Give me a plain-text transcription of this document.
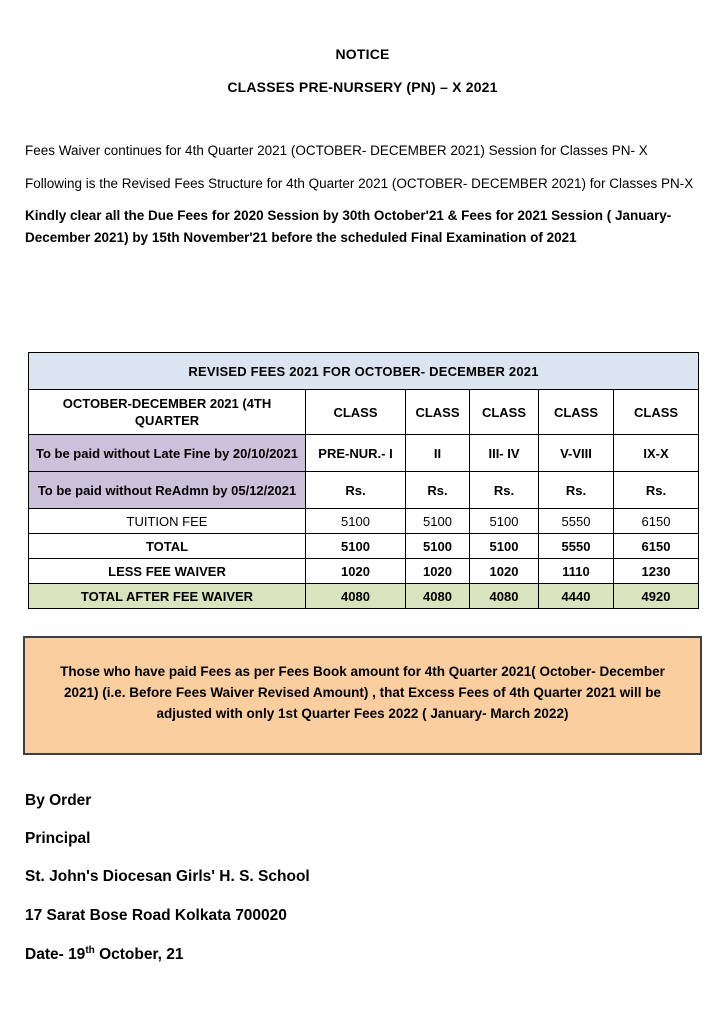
NOTICE
CLASSES PRE-NURSERY (PN) – X 2021

Fees Waiver continues for 4th Quarter 2021 (OCTOBER- DECEMBER 2021) Session for Classes PN- X

Following is the Revised Fees Structure for 4th Quarter 2021 (OCTOBER- DECEMBER 2021) for Classes PN-X

Kindly clear all the Due Fees for 2020 Session by 30th October'21 & Fees for 2021 Session ( January- December 2021) by 15th November'21 before the scheduled Final Examination of 2021

REVISED FEES 2021 FOR OCTOBER- DECEMBER 2021					
OCTOBER-DECEMBER 2021 (4TH QUARTER	CLASS	CLASS	CLASS	CLASS	CLASS
To be paid without Late Fine by 20/10/2021	PRE-NUR.- I	II	III- IV	V-VIII	IX-X
To be paid without ReAdmn by 05/12/2021	Rs.	Rs.	Rs.	Rs.	Rs.
TUITION FEE	5100	5100	5100	5550	6150
TOTAL	5100	5100	5100	5550	6150
LESS FEE WAIVER	1020	1020	1020	1110	1230
TOTAL AFTER FEE WAIVER	4080	4080	4080	4440	4920

Those who have paid Fees as per Fees Book amount for 4th Quarter 2021( October- December 2021) (i.e. Before Fees Waiver Revised Amount) , that Excess Fees of 4th Quarter 2021 will be adjusted with only 1st Quarter Fees 2022 ( January- March 2022)

By Order

Principal

St. John's Diocesan Girls' H. S. School

17 Sarat Bose Road Kolkata 700020

Date- 19th October, 21
